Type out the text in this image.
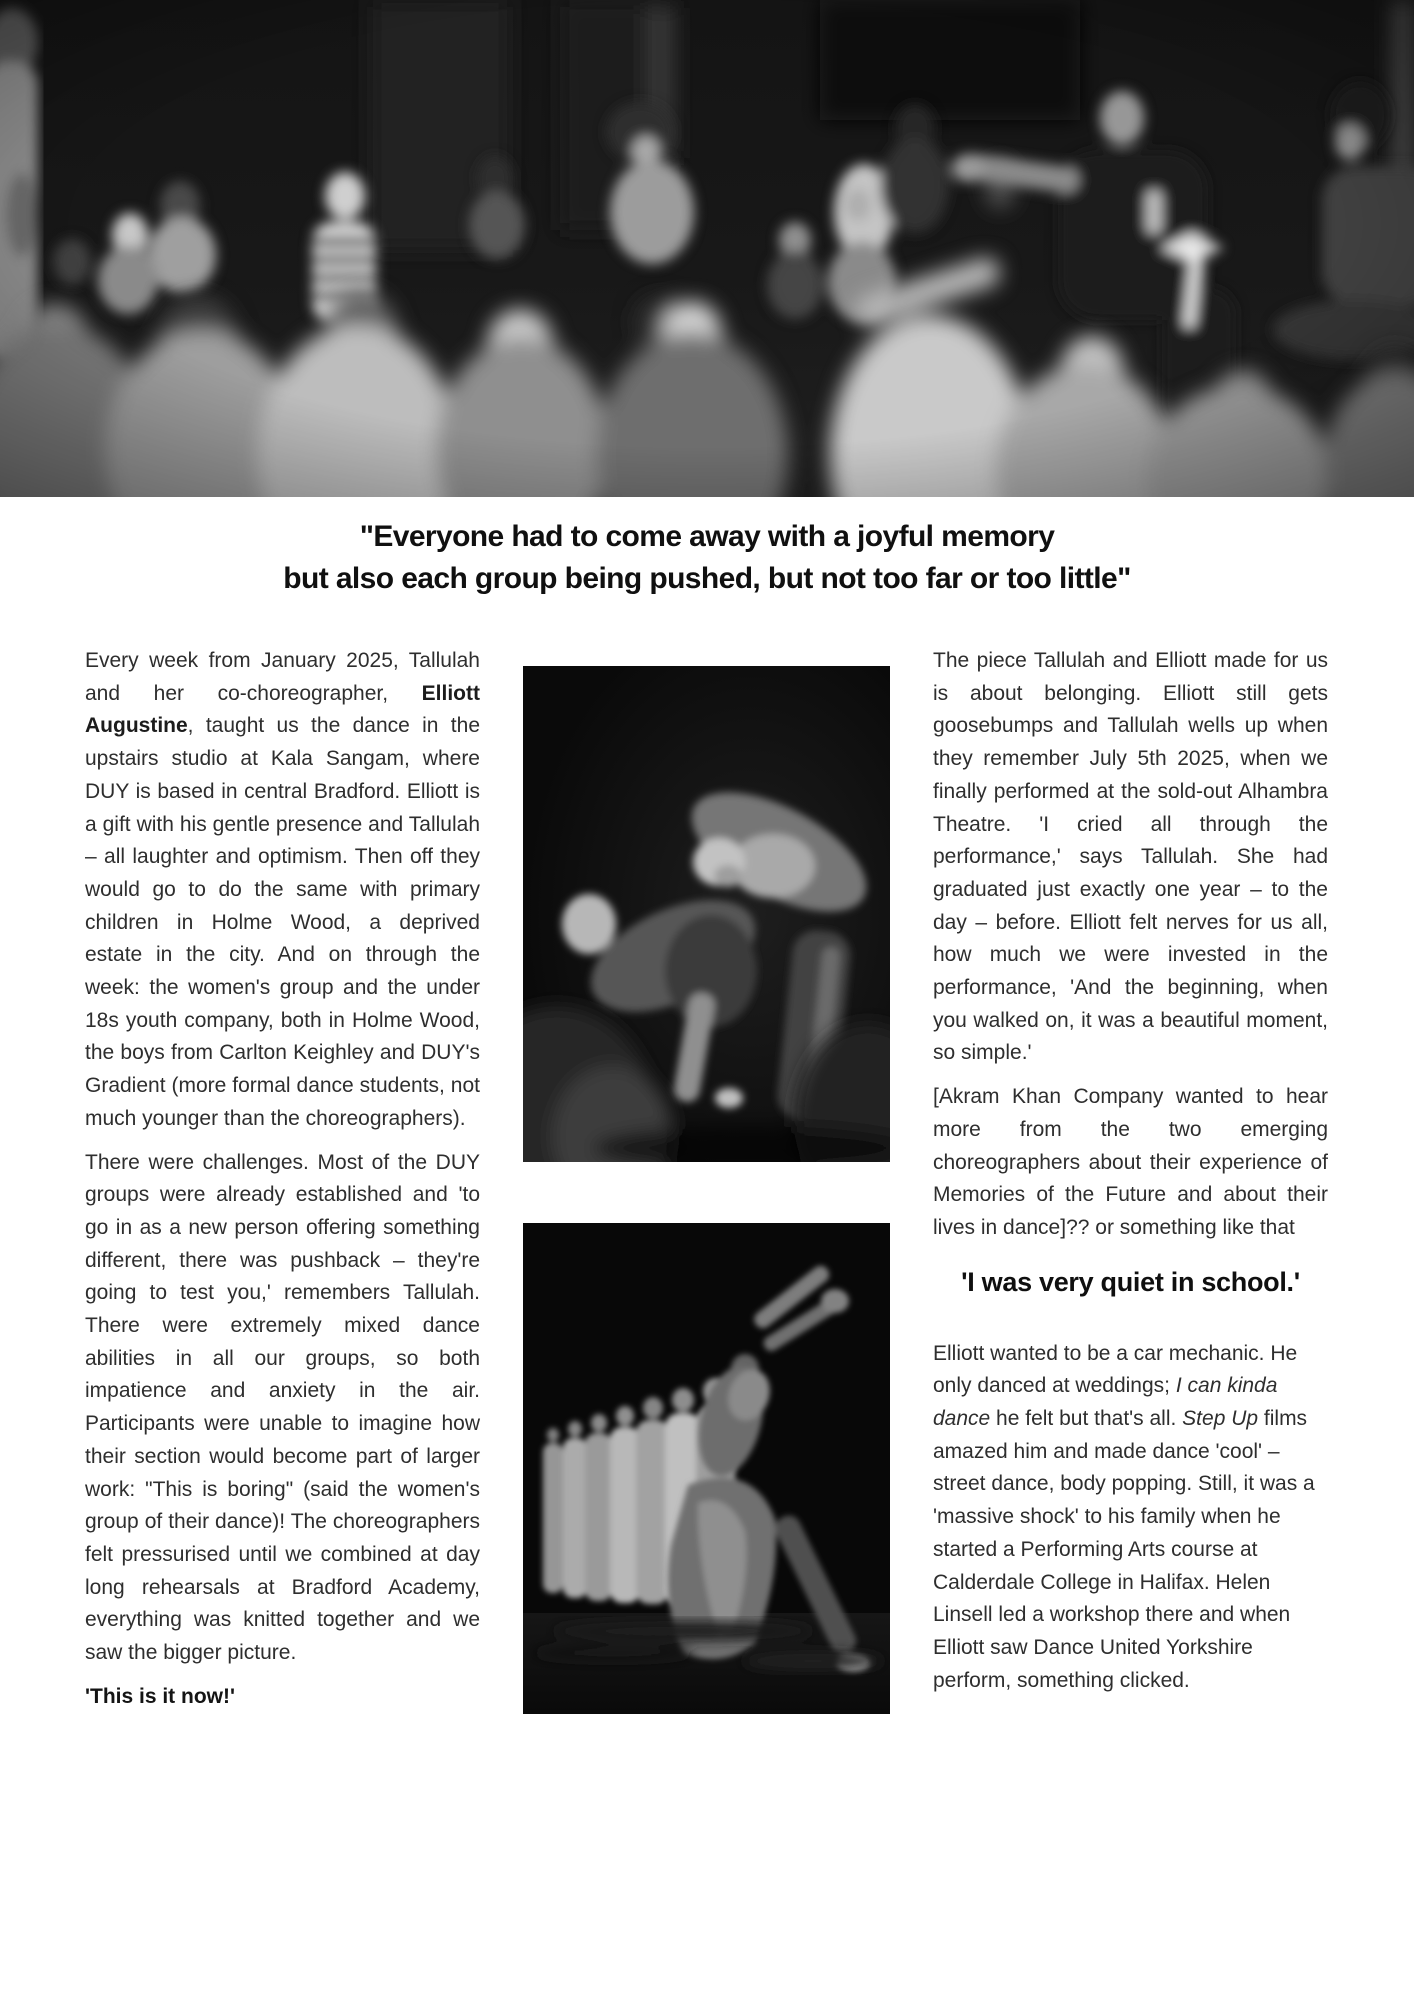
"Everyone had to come away with a joyful memory
but also each group being pushed, but not too far or too little"

Every week from January 2025, Tallulah and her co-choreographer, Elliott Augustine, taught us the dance in the upstairs studio at Kala Sangam, where DUY is based in central Bradford. Elliott is a gift with his gentle presence and Tallulah – all laughter and optimism. Then off they would go to do the same with primary children in Holme Wood, a deprived estate in the city. And on through the week: the women's group and the under 18s youth company, both in Holme Wood, the boys from Carlton Keighley and DUY's Gradient (more formal dance students, not much younger than the choreographers).

There were challenges. Most of the DUY groups were already established and 'to go in as a new person offering something different, there was pushback – they're going to test you,' remembers Tallulah. There were extremely mixed dance abilities in all our groups, so both impatience and anxiety in the air. Participants were unable to imagine how their section would become part of larger work: "This is boring" (said the women's group of their dance)! The choreographers felt pressurised until we combined at day long rehearsals at Bradford Academy, everything was knitted together and we saw the bigger picture.

'This is it now!'

The piece Tallulah and Elliott made for us is about belonging. Elliott still gets goosebumps and Tallulah wells up when they remember July 5th 2025, when we finally performed at the sold-out Alhambra Theatre. 'I cried all through the performance,' says Tallulah. She had graduated just exactly one year – to the day – before. Elliott felt nerves for us all, how much we were invested in the performance, 'And the beginning, when you walked on, it was a beautiful moment, so simple.'

[Akram Khan Company wanted to hear more from the two emerging choreographers about their experience of Memories of the Future and about their lives in dance]?? or something like that

'I was very quiet in school.'

Elliott wanted to be a car mechanic. He only danced at weddings; I can kinda dance he felt but that's all. Step Up films amazed him and made dance 'cool' – street dance, body popping. Still, it was a 'massive shock' to his family when he started a Performing Arts course at Calderdale College in Halifax. Helen Linsell led a workshop there and when Elliott saw Dance United Yorkshire perform, something clicked.
